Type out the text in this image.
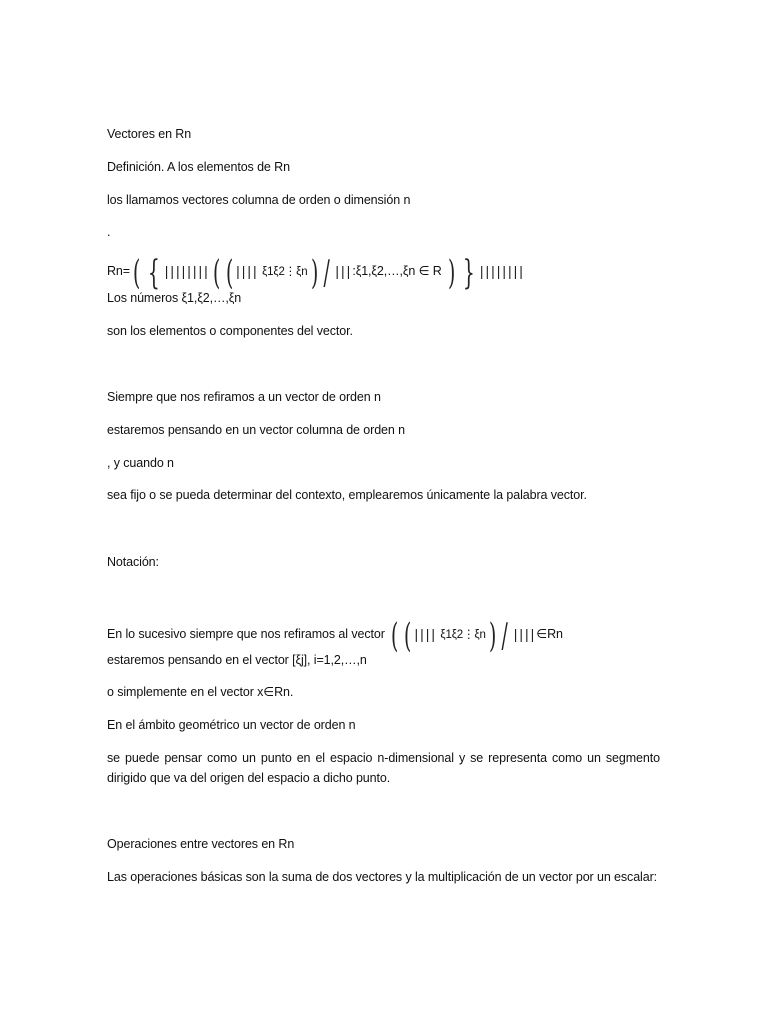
Vectores en Rn
Definición. A los elementos de Rn
los llamamos vectores columna de orden o dimensión n
.
Rn=( { ||||||||( ( |||| ξ1ξ2⋮ξn) / |||:ξ1,ξ2,…,ξn ∈ R ) } ||||||||
Los números ξ1,ξ2,…,ξn
son los elementos o componentes del vector.
Siempre que nos refiramos a un vector de orden n
estaremos pensando en un vector columna de orden n
, y cuando n
sea fijo o se pueda determinar del contexto, emplearemos únicamente la palabra vector.
Notación:
En lo sucesivo siempre que nos refiramos al vector ( ( |||| ξ1ξ2⋮ξn) / ||||∈Rn
estaremos pensando en el vector [ξj], i=1,2,…,n
o simplemente en el vector x∈Rn.
En el ámbito geométrico un vector de orden n
se puede pensar como un punto en el espacio n-dimensional y se representa como un segmento dirigido que va del origen del espacio a dicho punto.
Operaciones entre vectores en Rn
Las operaciones básicas son la suma de dos vectores y la multiplicación de un vector por un escalar:
